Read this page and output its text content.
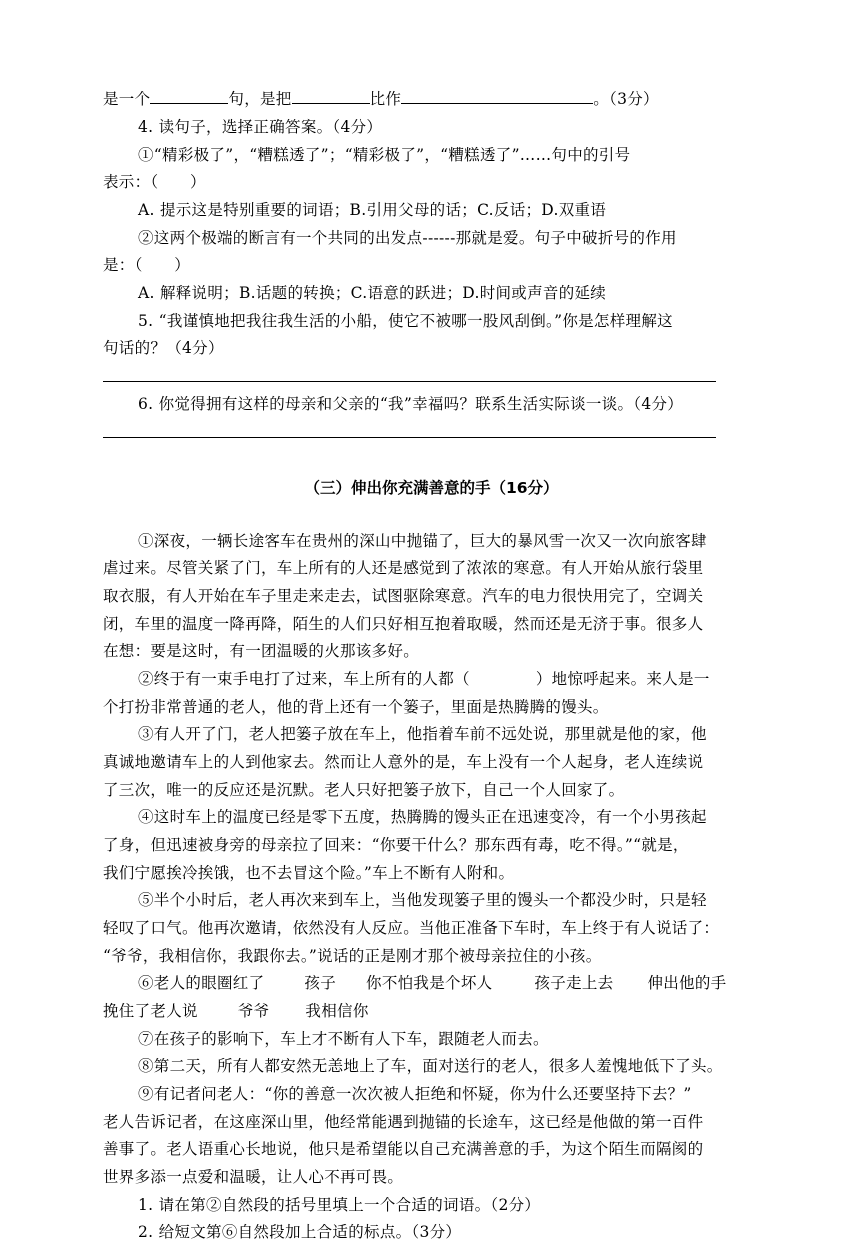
是一个	句，是把	比作	。（3分）
4. 读句子，选择正确答案。（4分）
①“精彩极了”，“糟糕透了”；“精彩极了”，“糟糕透了”……句中的引号
表示：（　　）
A. 提示这是特别重要的词语；B.引用父母的话；C.反话；D.双重语
②这两个极端的断言有一个共同的出发点------那就是爱。句子中破折号的作用
是：（　　）
A. 解释说明；B.话题的转换；C.语意的跃进；D.时间或声音的延续
5. “我谨慎地把我往我生活的小船，使它不被哪一股风刮倒。”你是怎样理解这
句话的？（4分）
6. 你觉得拥有这样的母亲和父亲的“我”幸福吗？联系生活实际谈一谈。（4分）
（三）伸出你充满善意的手（16分）
①深夜，一辆长途客车在贵州的深山中抛锚了，巨大的暴风雪一次又一次向旅客肆
虐过来。尽管关紧了门，车上所有的人还是感觉到了浓浓的寒意。有人开始从旅行袋里
取衣服，有人开始在车子里走来走去，试图驱除寒意。汽车的电力很快用完了，空调关
闭，车里的温度一降再降，陌生的人们只好相互抱着取暖，然而还是无济于事。很多人
在想：要是这时，有一团温暖的火那该多好。
②终于有一束手电打了过来，车上所有的人都（	）地惊呼起来。来人是一
个打扮非常普通的老人，他的背上还有一个篓子，里面是热腾腾的馒头。
③有人开了门，老人把篓子放在车上，他指着车前不远处说，那里就是他的家，他
真诚地邀请车上的人到他家去。然而让人意外的是，车上没有一个人起身，老人连续说
了三次，唯一的反应还是沉默。老人只好把篓子放下，自己一个人回家了。
④这时车上的温度已经是零下五度，热腾腾的馒头正在迅速变冷，有一个小男孩起
了身，但迅速被身旁的母亲拉了回来：“你要干什么？那东西有毒，吃不得。”“就是，
我们宁愿挨冷挨饿，也不去冒这个险。”车上不断有人附和。
⑤半个小时后，老人再次来到车上，当他发现篓子里的馒头一个都没少时，只是轻
轻叹了口气。他再次邀请，依然没有人反应。当他正准备下车时，车上终于有人说话了：
“爷爷，我相信你，我跟你去。”说话的正是刚才那个被母亲拉住的小孩。
⑥老人的眼圈红了	孩子 你不怕我是个坏人	孩子走上去 伸出他的手
挽住了老人说	爷爷 我相信你
⑦在孩子的影响下，车上才不断有人下车，跟随老人而去。
⑧第二天，所有人都安然无恙地上了车，面对送行的老人，很多人羞愧地低下了头。
⑨有记者问老人：“你的善意一次次被人拒绝和怀疑，你为什么还要坚持下去？”
老人告诉记者，在这座深山里，他经常能遇到抛锚的长途车，这已经是他做的第一百件
善事了。老人语重心长地说，他只是希望能以自己充满善意的手，为这个陌生而隔阂的
世界多添一点爱和温暖，让人心不再可畏。
1. 请在第②自然段的括号里填上一个合适的词语。（2分）
2. 给短文第⑥自然段加上合适的标点。（3分）
